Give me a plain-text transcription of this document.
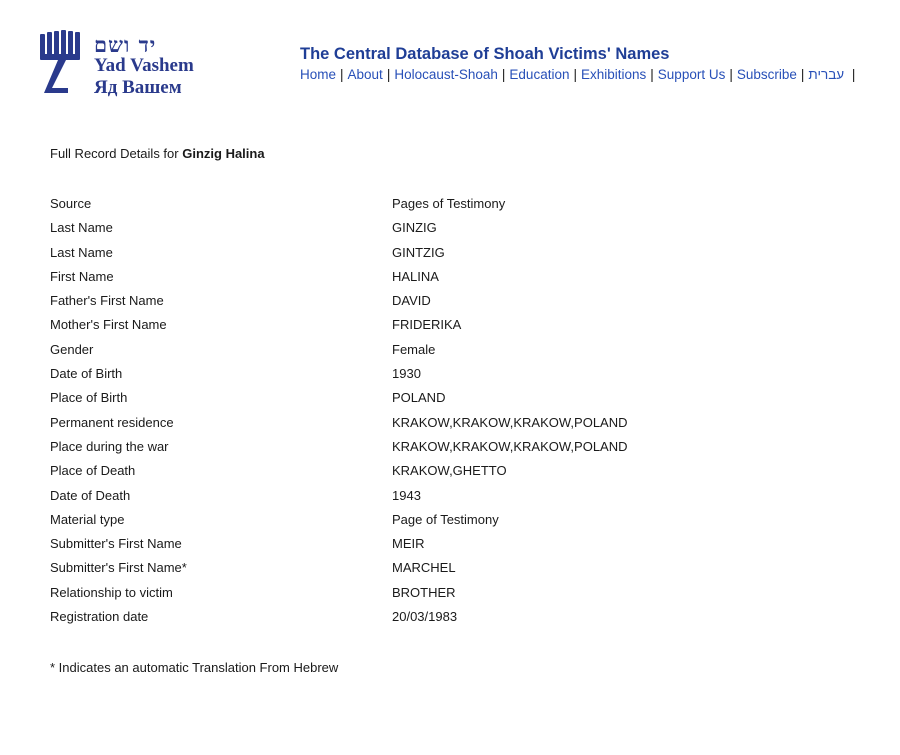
יד ושם
Yad Vashem
Яд Вашем
The Central Database of Shoah Victims' Names
Home | About | Holocaust-Shoah | Education | Exhibitions | Support Us | Subscribe | עברית |
Full Record Details for Ginzig Halina
Source	Pages of Testimony
Last Name	GINZIG
Last Name	GINTZIG
First Name	HALINA
Father's First Name	DAVID
Mother's First Name	FRIDERIKA
Gender	Female
Date of Birth	1930
Place of Birth	POLAND
Permanent residence	KRAKOW,KRAKOW,KRAKOW,POLAND
Place during the war	KRAKOW,KRAKOW,KRAKOW,POLAND
Place of Death	KRAKOW,GHETTO
Date of Death	1943
Material type	Page of Testimony
Submitter's First Name	MEIR
Submitter's First Name*	MARCHEL
Relationship to victim	BROTHER
Registration date	20/03/1983
* Indicates an automatic Translation From Hebrew
